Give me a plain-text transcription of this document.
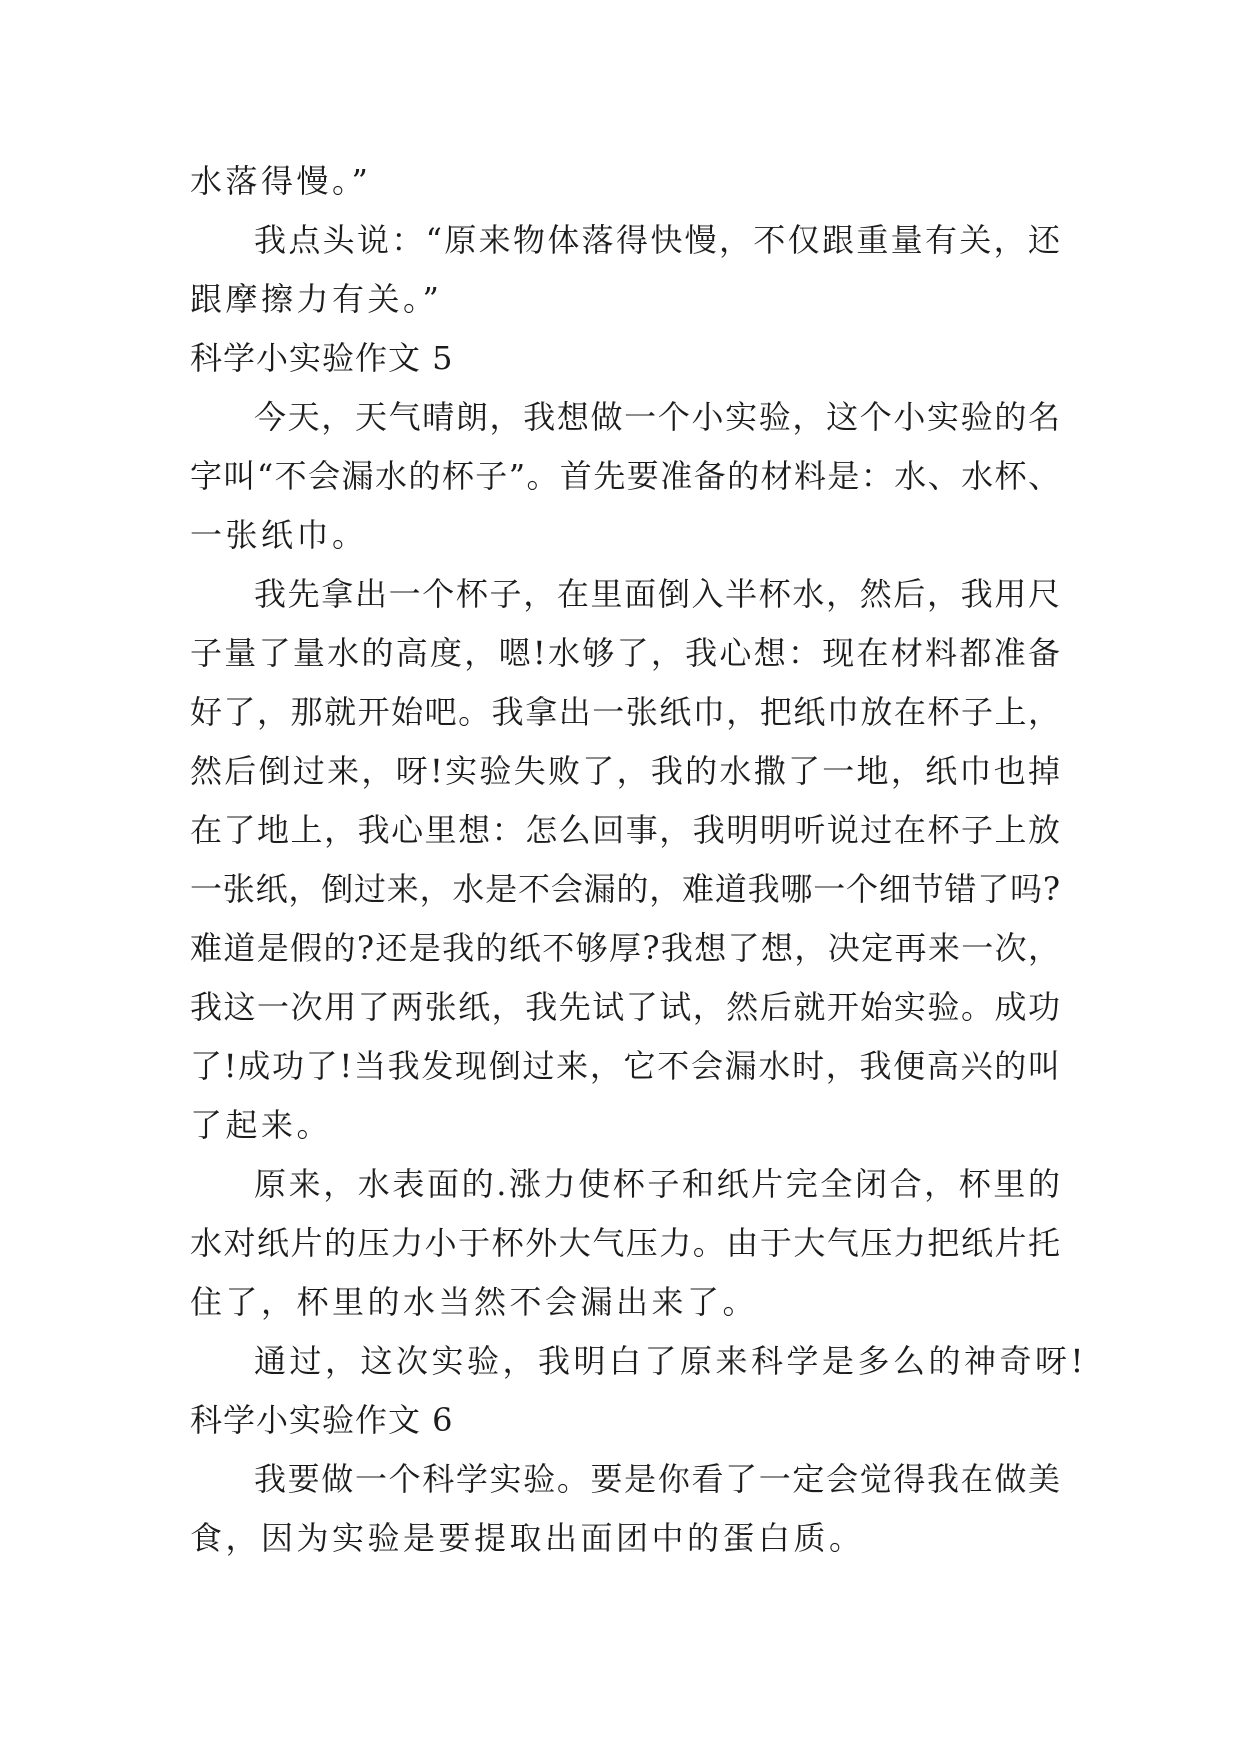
水落得慢。”
我点头说：“原来物体落得快慢，不仅跟重量有关，还
跟摩擦力有关。”
科学小实验作文 5
今天，天气晴朗，我想做一个小实验，这个小实验的名
字叫“不会漏水的杯子”。首先要准备的材料是：水、水杯、
一张纸巾。
我先拿出一个杯子，在里面倒入半杯水，然后，我用尺
子量了量水的高度，嗯!水够了，我心想：现在材料都准备
好了，那就开始吧。我拿出一张纸巾，把纸巾放在杯子上，
然后倒过来，呀!实验失败了，我的水撒了一地，纸巾也掉
在了地上，我心里想：怎么回事，我明明听说过在杯子上放
一张纸，倒过来，水是不会漏的，难道我哪一个细节错了吗?
难道是假的?还是我的纸不够厚?我想了想，决定再来一次，
我这一次用了两张纸，我先试了试，然后就开始实验。成功
了!成功了!当我发现倒过来，它不会漏水时，我便高兴的叫
了起来。
原来，水表面的.涨力使杯子和纸片完全闭合，杯里的
水对纸片的压力小于杯外大气压力。由于大气压力把纸片托
住了，杯里的水当然不会漏出来了。
通过，这次实验，我明白了原来科学是多么的神奇呀!
科学小实验作文 6
我要做一个科学实验。要是你看了一定会觉得我在做美
食，因为实验是要提取出面团中的蛋白质。
